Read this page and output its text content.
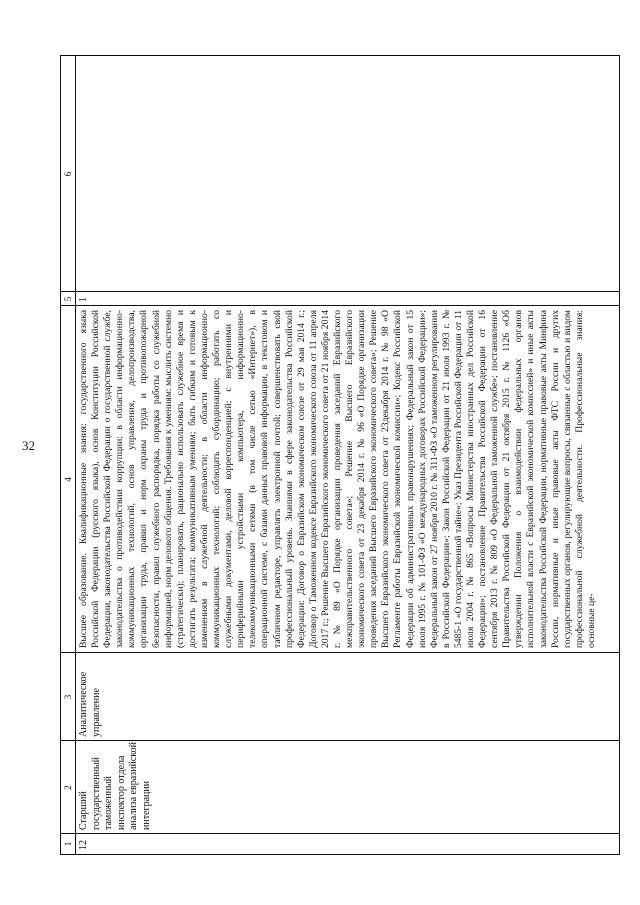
32
1
2
3
4
5
6
12
Старший государственный таможенный инспектор отдела анализа евразийской интеграции
Аналитическое управление
Высшее образование. Квалификационные знания: государственного языка Российской Федерации (русского языка), основ Конституции Российской Федерации, законодательства Российской Федерации о государственной службе, законодательства о противодействии коррупции; в области информационно-коммуникационных технологий, основ управления, делопроизводства, организации труда, правил и норм охраны труда и противопожарной безопасности, правил служебного распорядка, порядка работы со служебной информацией, норм делового общения. Требования к умениям: мыслить системно (стратегически); планировать, рационально использовать служебное время и достигать результата; коммуникативным умениям; быть гибким и готовым к изменениям в служебной деятельности; в области информационно-коммуникационных технологий; соблюдать субординацию; работать со служебными документами, деловой корреспонденцией; с внутренними и периферийными устройствами компьютера, информационно-телекоммуникационными сетями (в том числе сетью «Интернет»), в операционной системе, с базами данных правовой информации, в текстовом и табличном редакторе, управлять электронной почтой; совершенствовать свой профессиональный уровень. Знаниями в сфере законодательства Российской Федерации: Договор о Евразийском экономическом союзе от 29 мая 2014 г.; Договор о Таможенном кодексе Евразийского экономического союза от 11 апреля 2017 г.; Решение Высшего Евразийского экономического совета от 21 ноября 2014 г. № 89 «О Порядке организации проведения заседаний Евразийского межправительственного совета»; Решение Высшего Евразийского экономического совета от 23 декабря 2014 г. № 96 «О Порядке организации проведения заседаний Высшего Евразийского экономического совета»; Решение Высшего Евразийского экономического совета от 23декабря 2014 г. № 98 «О Регламенте работы Евразийской экономической комиссии»; Кодекс Российской Федерации об административных правонарушениях; Федеральный закон от 15 июля 1995 г. № 101-ФЗ «О международных договорах Российской Федерации»; Федеральный закон от 27 ноября 2010 г. № 311-ФЗ «О таможенном регулировании в Российской Федерации»; Закон Российской Федерации от 21 июля 1993 г. № 5485-1 «О государственной тайне»; Указ Президента Российской Федерации от 11 июля 2004 г. № 865 «Вопросы Министерства иностранных дел Российской Федерации»; постановление Правительства Российской Федерации от 16 сентября 2013 г. № 809 «О Федеральной таможенной службе»; постановление Правительства Российской Федерации от 21 октября 2015 г. № 1126 «Об утверждении Положения о взаимодействии федеральных органов исполнительной власти с Евразийской экономической комиссией» и иные акты законодательства Российской Федерации, нормативные правовые акты Минфина России, нормативные и иные правовые акты ФТС России и других государственных органов, регулирующие вопросы, связанные с областью и видом профессиональной служебной деятельности. Профессиональные знания: основные це-
1
